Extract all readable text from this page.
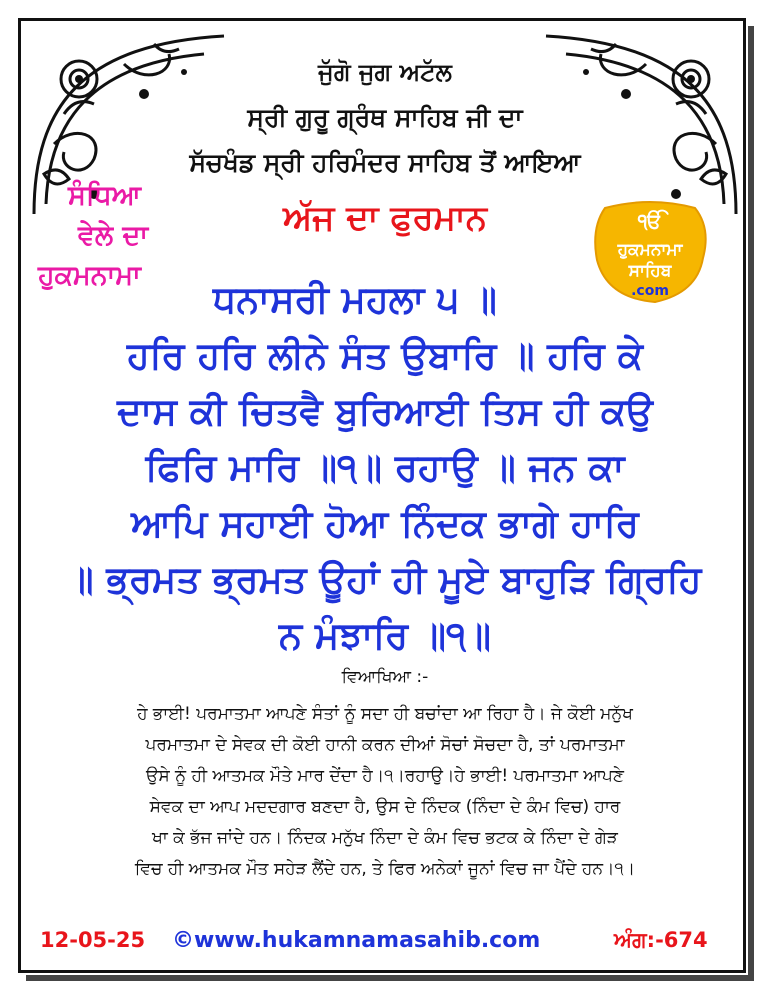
ਜੁੱਗੋ ਜੁਗ ਅਟੱਲ
ਸ੍ਰੀ ਗੁਰੂ ਗ੍ਰੰਥ ਸਾਹਿਬ ਜੀ ਦਾ
ਸੱਚਖੰਡ ਸ੍ਰੀ ਹਰਿਮੰਦਰ ਸਾਹਿਬ ਤੋਂ ਆਇਆ
ਅੱਜ ਦਾ ਫੁਰਮਾਨ
ਸੰਧਿਆ
ਵੇਲੇ ਦਾ
ਹੁਕਮਨਾਮਾ
ੴ
ਹੁਕਮਨਾਮਾ
ਸਾਹਿਬ
.com
ਧਨਾਸਰੀ ਮਹਲਾ ੫ ॥
ਹਰਿ ਹਰਿ ਲੀਨੇ ਸੰਤ ਉਬਾਰਿ ॥ ਹਰਿ ਕੇ
ਦਾਸ ਕੀ ਚਿਤਵੈ ਬੁਰਿਆਈ ਤਿਸ ਹੀ ਕਉ
ਫਿਰਿ ਮਾਰਿ ॥੧॥ ਰਹਾਉ ॥ ਜਨ ਕਾ
ਆਪਿ ਸਹਾਈ ਹੋਆ ਨਿੰਦਕ ਭਾਗੇ ਹਾਰਿ
॥ ਭ੍ਰਮਤ ਭ੍ਰਮਤ ਊਹਾਂ ਹੀ ਮੂਏ ਬਾਹੁੜਿ ਗ੍ਰਿਹਿ
ਨ ਮੰਝਾਰਿ ॥੧॥
ਵਿਆਖਿਆ :-
ਹੇ ਭਾਈ! ਪਰਮਾਤਮਾ ਆਪਣੇ ਸੰਤਾਂ ਨੂੰ ਸਦਾ ਹੀ ਬਚਾਂਦਾ ਆ ਰਿਹਾ ਹੈ। ਜੇ ਕੋਈ ਮਨੁੱਖ
ਪਰਮਾਤਮਾ ਦੇ ਸੇਵਕ ਦੀ ਕੋਈ ਹਾਨੀ ਕਰਨ ਦੀਆਂ ਸੋਚਾਂ ਸੋਚਦਾ ਹੈ, ਤਾਂ ਪਰਮਾਤਮਾ
ਉਸੇ ਨੂੰ ਹੀ ਆਤਮਕ ਮੌਤੇ ਮਾਰ ਦੇਂਦਾ ਹੈ।੧।ਰਹਾਉ।ਹੇ ਭਾਈ! ਪਰਮਾਤਮਾ ਆਪਣੇ
ਸੇਵਕ ਦਾ ਆਪ ਮਦਦਗਾਰ ਬਣਦਾ ਹੈ, ਉਸ ਦੇ ਨਿੰਦਕ (ਨਿੰਦਾ ਦੇ ਕੰਮ ਵਿਚ) ਹਾਰ
ਖਾ ਕੇ ਭੱਜ ਜਾਂਦੇ ਹਨ। ਨਿੰਦਕ ਮਨੁੱਖ ਨਿੰਦਾ ਦੇ ਕੰਮ ਵਿਚ ਭਟਕ ਕੇ ਨਿੰਦਾ ਦੇ ਗੇੜ
ਵਿਚ ਹੀ ਆਤਮਕ ਮੌਤ ਸਹੇੜ ਲੈਂਦੇ ਹਨ, ਤੇ ਫਿਰ ਅਨੇਕਾਂ ਜੂਨਾਂ ਵਿਚ ਜਾ ਪੈਂਦੇ ਹਨ।੧।
12-05-25 ©www.hukamnamasahib.com	ਅੰਗ:-674
